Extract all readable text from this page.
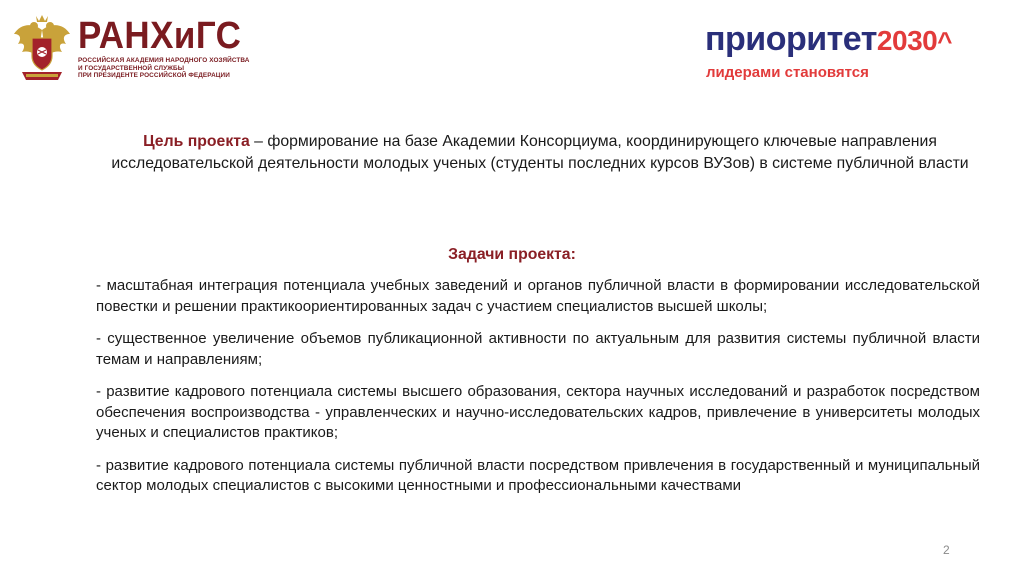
РАНХиГС
РОССИЙСКАЯ АКАДЕМИЯ НАРОДНОГО ХОЗЯЙСТВА
И ГОСУДАРСТВЕННОЙ СЛУЖБЫ
ПРИ ПРЕЗИДЕНТЕ РОССИЙСКОЙ ФЕДЕРАЦИИ
приоритет2030^
лидерами становятся
Цель проекта – формирование на базе Академии Консорциума, координирующего ключевые направления исследовательской деятельности молодых ученых (студенты последних курсов ВУЗов) в системе публичной власти
Задачи проекта:

- масштабная интеграция потенциала учебных заведений и органов публичной власти в формировании исследовательской повестки и решении практикоориентированных задач с участием специалистов высшей школы;

- существенное увеличение объемов публикационной активности по актуальным для развития системы публичной власти темам и направлениям;

- развитие кадрового потенциала системы высшего образования, сектора научных исследований и разработок посредством обеспечения воспроизводства - управленческих и научно-исследовательских кадров, привлечение в университеты молодых ученых и специалистов практиков;

- развитие кадрового потенциала системы публичной власти посредством привлечения в государственный и муниципальный сектор молодых специалистов с высокими ценностными и профессиональными качествами

2
